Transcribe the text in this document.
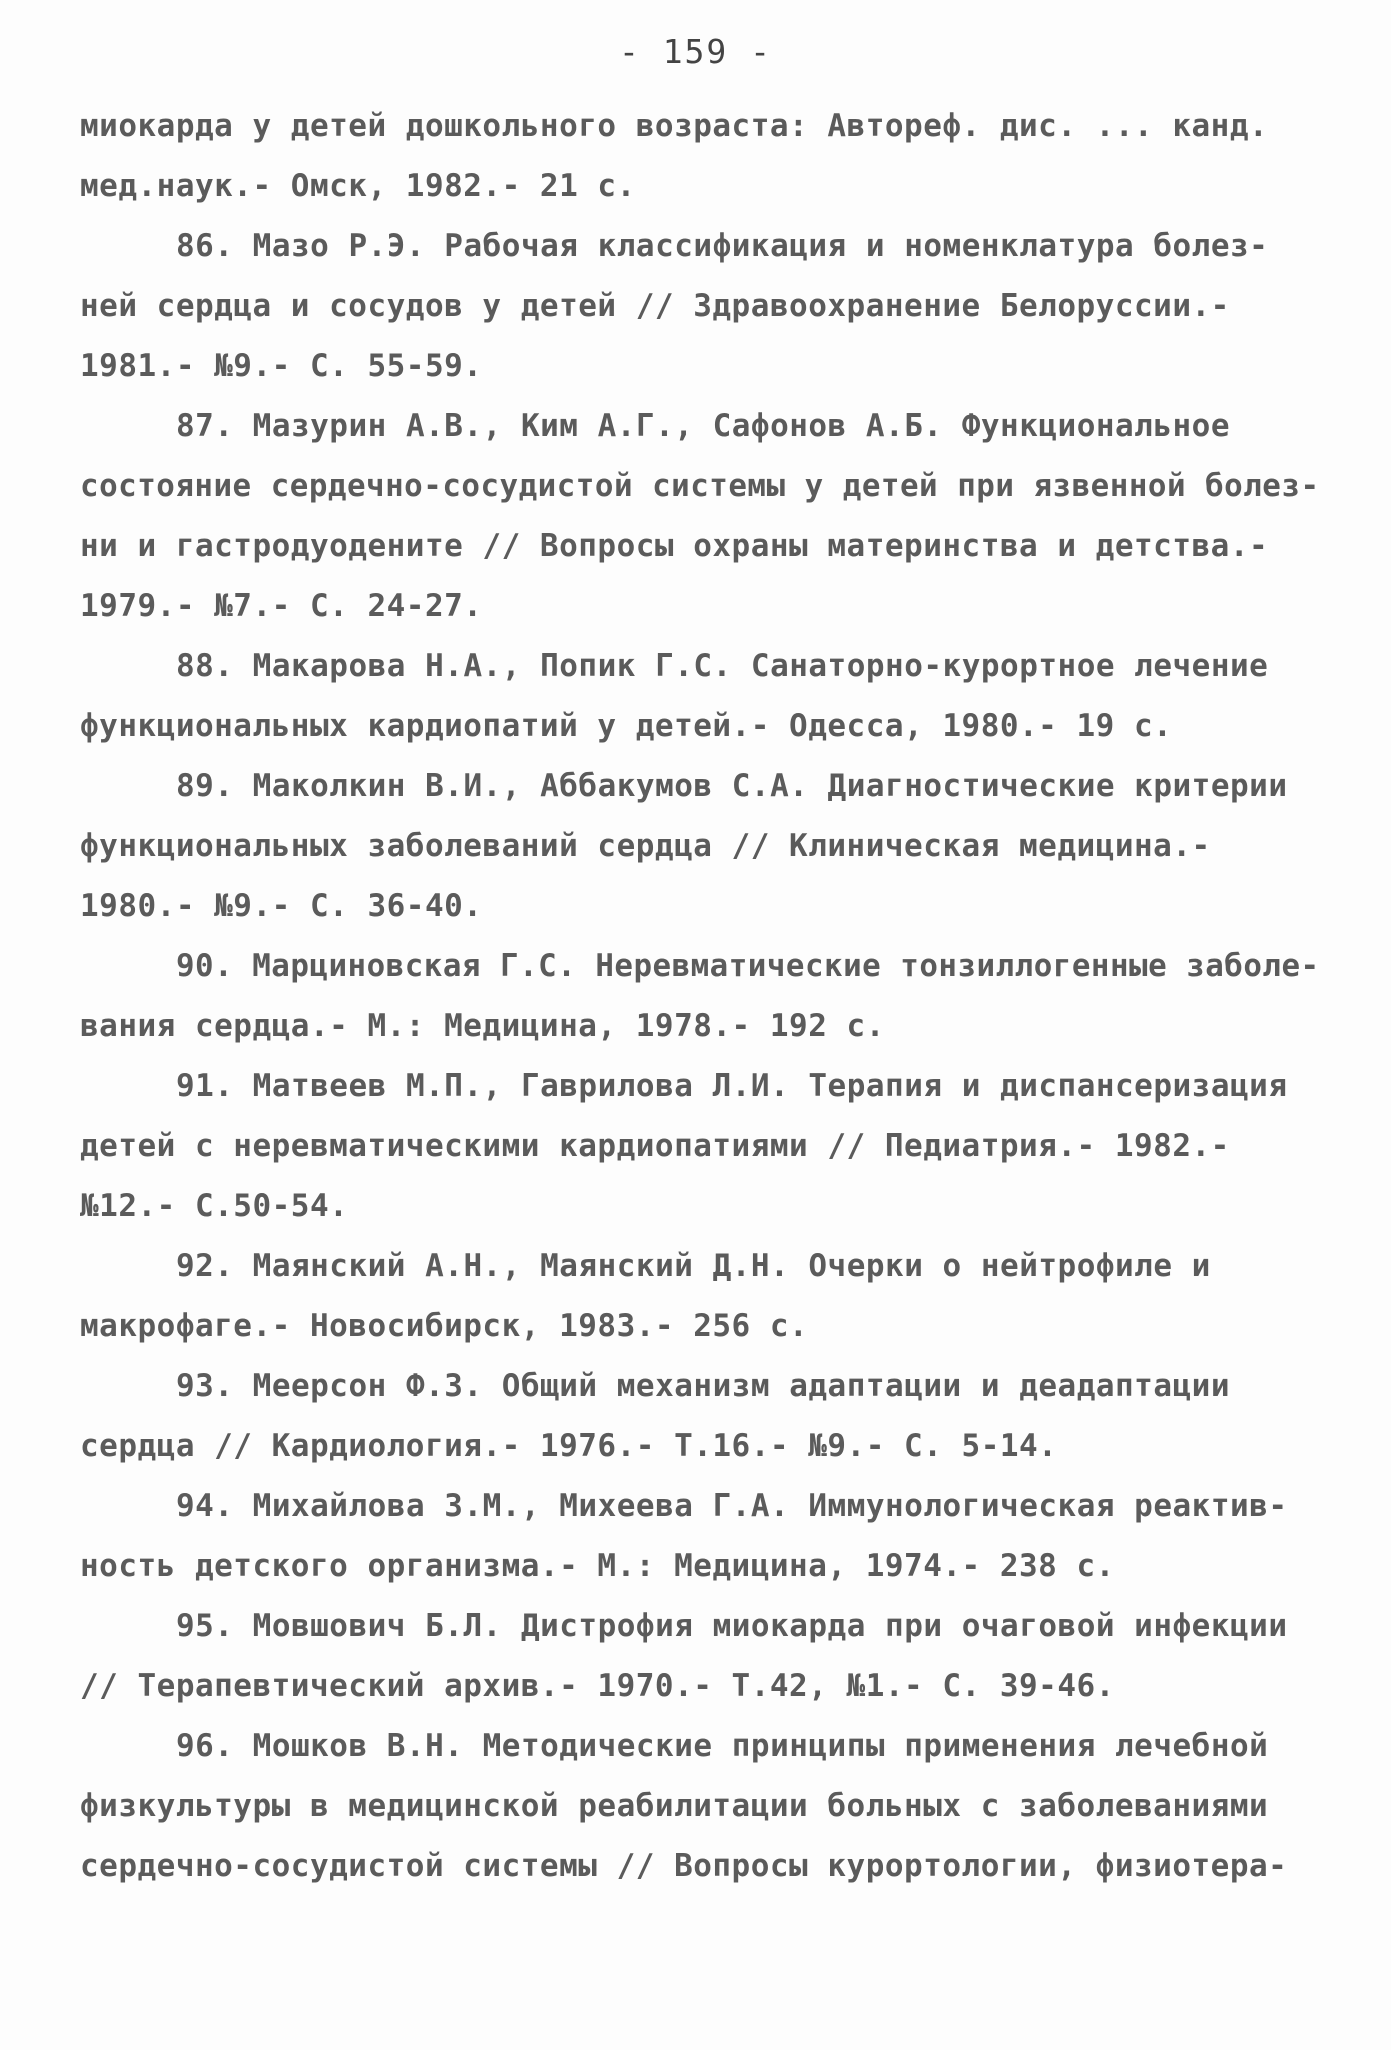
- 159 -
миокарда у детей дошкольного возраста: Автореф. дис. ... канд.
мед.наук.- Омск, 1982.- 21 с.
86. Мазо Р.Э. Рабочая классификация и номенклатура болез-
ней сердца и сосудов у детей // Здравоохранение Белоруссии.-
1981.- №9.- С. 55-59.
87. Мазурин А.В., Ким А.Г., Сафонов А.Б. Функциональное
состояние сердечно-сосудистой системы у детей при язвенной болез-
ни и гастродуодените // Вопросы охраны материнства и детства.-
1979.- №7.- С. 24-27.
88. Макарова Н.А., Попик Г.С. Санаторно-курортное лечение
функциональных кардиопатий у детей.- Одесса, 1980.- 19 с.
89. Маколкин В.И., Аббакумов С.А. Диагностические критерии
функциональных заболеваний сердца // Клиническая медицина.-
1980.- №9.- С. 36-40.
90. Марциновская Г.С. Неревматические тонзиллогенные заболе-
вания сердца.- М.: Медицина, 1978.- 192 с.
91. Матвеев М.П., Гаврилова Л.И. Терапия и диспансеризация
детей с неревматическими кардиопатиями // Педиатрия.- 1982.-
№12.- С.50-54.
92. Маянский А.Н., Маянский Д.Н. Очерки о нейтрофиле и
макрофаге.- Новосибирск, 1983.- 256 с.
93. Меерсон Ф.З. Общий механизм адаптации и деадаптации
сердца // Кардиология.- 1976.- Т.16.- №9.- С. 5-14.
94. Михайлова З.М., Михеева Г.А. Иммунологическая реактив-
ность детского организма.- М.: Медицина, 1974.- 238 с.
95. Мовшович Б.Л. Дистрофия миокарда при очаговой инфекции
// Терапевтический архив.- 1970.- Т.42, №1.- С. 39-46.
96. Мошков В.Н. Методические принципы применения лечебной
физкультуры в медицинской реабилитации больных с заболеваниями
сердечно-сосудистой системы // Вопросы курортологии, физиотера-
